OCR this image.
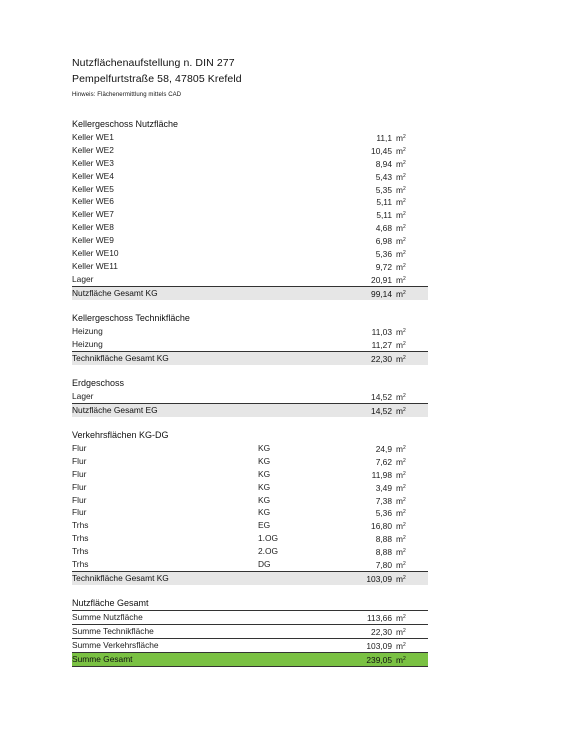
Nutzflächenaufstellung n. DIN 277
Pempelfurtstraße 58, 47805 Krefeld
Hinweis: Flächenermittlung mittels CAD
Kellergeschoss Nutzfläche
Keller WE1	11,1 $m^2$
Keller WE2	10,45 $m^2$
Keller WE3	8,94 $m^2$
Keller WE4	5,43 $m^2$
Keller WE5	5,35 $m^2$
Keller WE6	5,11 $m^2$
Keller WE7	5,11 $m^2$
Keller WE8	4,68 $m^2$
Keller WE9	6,98 $m^2$
Keller WE10	5,36 $m^2$
Keller WE11	9,72 $m^2$
Lager	20,91 $m^2$
Nutzfläche Gesamt KG	99,14 $m^2$
Kellergeschoss Technikfläche
Heizung	11,03 $m^2$
Heizung	11,27 $m^2$
Technikfläche Gesamt KG	22,30 $m^2$
Erdgeschoss
Lager	14,52 $m^2$
Nutzfläche Gesamt EG	14,52 $m^2$
Verkehrsflächen KG-DG
Flur	KG	24,9 $m^2$
Flur	KG	7,62 $m^2$
Flur	KG	11,98 $m^2$
Flur	KG	3,49 $m^2$
Flur	KG	7,38 $m^2$
Flur	KG	5,36 $m^2$
Trhs	EG	16,80 $m^2$
Trhs	1.OG	8,88 $m^2$
Trhs	2.OG	8,88 $m^2$
Trhs	DG	7,80 $m^2$
Technikfläche Gesamt KG	103,09 $m^2$
Nutzfläche Gesamt
Summe Nutzfläche	113,66 $m^2$
Summe Technikfläche	22,30 $m^2$
Summe Verkehrsfläche	103,09 $m^2$
Summe Gesamt	239,05 $m^2$
